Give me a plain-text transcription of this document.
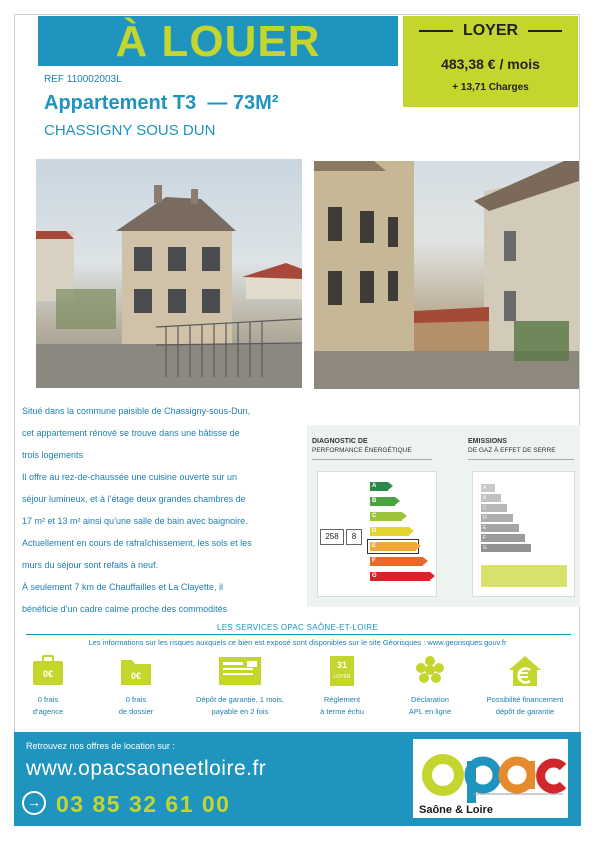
À LOUER	LOYER
483,38 € / mois
+ 13,71 Charges
REF 110002003L
Appartement T3  — 73M²
CHASSIGNY SOUS DUN

Situé dans la commune paisible de Chassigny-sous-Dun,

cet appartement rénové se trouve dans une bâtisse de

trois logements

Il offre au rez-de-chaussée une cuisine ouverte sur un

séjour lumineux, et à l’étage deux grandes chambres de

17 m² et 13 m² ainsi qu’une salle de bain avec baignoire.

Actuellement en cours de rafraîchissement, les sols et les

murs du séjour sont refaits à neuf.

À seulement 7 km de Chauffailles et La Clayette, il

bénéficie d’un cadre calme proche des commodités

DIAGNOSTIC DE
PERFORMANCE ÉNERGÉTIQUE
EMISSIONS
DE GAZ À EFFET DE SERRE
258	8
A
B
C
D
E
F
G
A
B
C
D
E
F
G
LES SERVICES OPAC SAÔNE-ET-LOIRE
Les informations sur les risques auxquels ce bien est exposé sont disponibles sur le site Géorisques : www.georisques.gouv.fr
0€
0 frais
d’agence
0€
0 frais
de dossier
Dépôt de garantie, 1 mois,
payable en 2 fois
31
LOYER
Règlement
à terme échu
Déclaration
APL en ligne
Possibilité financement
dépôt de garantie
Retrouvez nos offres de location sur :
www.opacsaoneetloire.fr
→ 03 85 32 61 00	Saône & Loire
